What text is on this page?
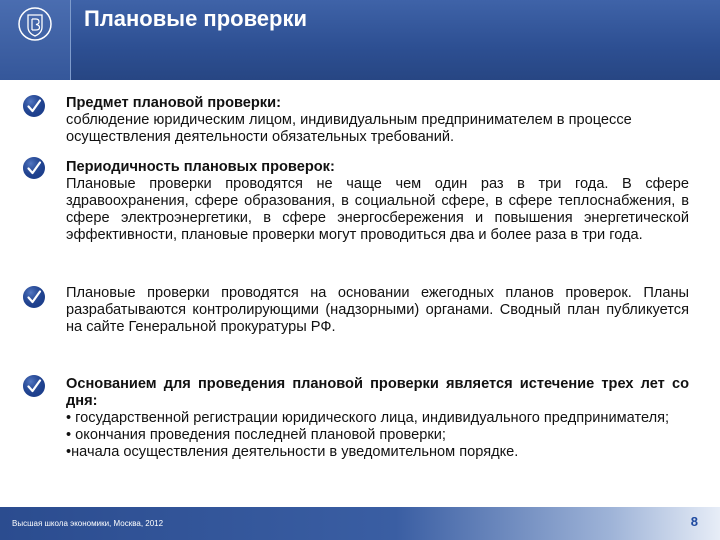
Плановые проверки

Предмет плановой проверки:

соблюдение юридическим лицом, индивидуальным предпринимателем в процессе осуществления деятельности обязательных требований.

Периодичность плановых проверок:

Плановые проверки проводятся не чаще чем один раз в три года. В сфере здравоохранения, сфере образования, в социальной сфере, в сфере теплоснабжения, в сфере электроэнергетики, в сфере энергосбережения и повышения энергетической эффективности, плановые проверки могут проводиться два и более раза в три года.

Плановые проверки проводятся на основании ежегодных планов проверок. Планы разрабатываются контролирующими (надзорными) органами. Сводный план публикуется на сайте Генеральной прокуратуры РФ.

Основанием для проведения плановой проверки является истечение трех лет со дня:

• государственной регистрации юридического лица, индивидуального предпринимателя;

• окончания проведения последней плановой проверки;

•начала осуществления деятельности в уведомительном порядке.

Высшая школа экономики, Москва, 2012	8
